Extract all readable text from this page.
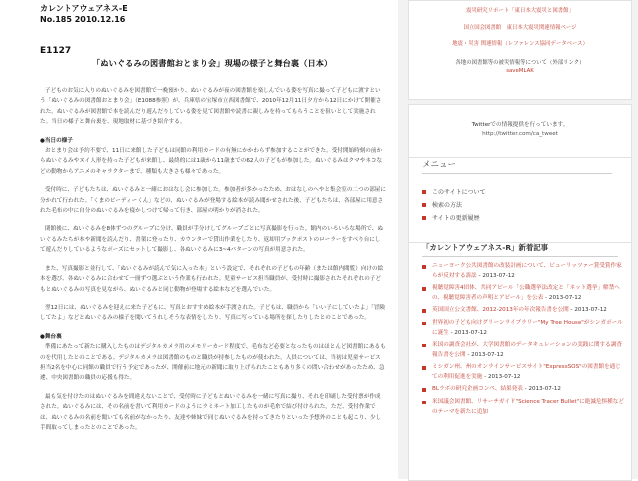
カレントアウェアネス-E
No.185 2010.12.16
E1127
「ぬいぐるみの図書館おとまり会」現場の様子と舞台裏（日本）

子どものお気に入りのぬいぐるみを図書館で一晩預かり、ぬいぐるみが夜の図書館を楽しんでいる姿を写真に撮って子どもに渡すという「ぬいぐるみの図書館おとまり会」（E1088参照）が、兵庫県の宝塚市立西図書館で、2010年12月11日夕方から12日にかけて開催された。ぬいぐるみが図書館で本を読んだり遊んだりしている姿を見て図書館や読書に親しみを持ってもらうことを狙いとして実施された。当日の様子と舞台裏を、現地取材に基づき紹介する。

●当日の様子

おとまり会は予約不要で、11日に来館した子どもは同館の利用カードの有無にかかわらず参加することができた。受付開始時刻の前からぬいぐるみやヌイ人形を持った子どもが来館し、最終的には1歳から11歳までの62人の子どもが参加した。ぬいぐるみはクマやネコなどの動物からアニメのキャラクターまで、種類も大きさも様々であった。

受付時に、子どもたちは、ぬいぐるみと一緒におはなし会に参加した。参加者が多かったため、おはなしのへやと集会室の二つの部屋に分かれて行われた。「くまのビーディーくん」などの、ぬいぐるみが登場する絵本が読み聞かせされた後、子どもたちは、各部屋に用意された毛布の中に自分のぬいぐるみを寝かしつけて帰って行き、部屋の明かりが消された。

閉館後に、ぬいぐるみを8体ずつのグループに分け、職員が手分けしてグループごとに写真撮影を行った。館内のいろいろな場所で、ぬいぐるみたちが本や新聞を読んだり、書架に登ったり、カウンターで貸出作業をしたり、返却用ブックポストのローラーをすべり台にして遊んだりしているようなポーズにセットして撮影し、各ぬいぐるみに3~4パターンの写真が用意された。

また、写真撮影と並行して、「ぬいぐるみが読んで気に入った本」という設定で、それぞれの子どもの年齢（または館内閲覧）向けの絵本を選び、各ぬいぐるみに合わせて一冊ずつ選ぶという作業も行われた。児童サービス担当職員が、受付時に撮影されたそれぞれの子どもとぬいぐるみの写真を見ながら、ぬいぐるみと同じ動物が登場する絵本などを選んでいた。

翌12日には、ぬいぐるみを迎えに来た子どもに、写真とおすすめ絵本が手渡された。子どもは、職員から「いい子にしていたよ」「冒険してたよ」などとぬいぐるみの様子を聞いてうれしそうな表情をしたり、写真に写っている場所を探したりしたとのことであった。

●舞台裏

準備にあたって新たに購入したものはデジタルカメラ用のメモリーカード程度で、毛布など必要となったものはほとんど図書館にあるものを代用したとのことである。デジタルカメラは図書館のものと職員が持参したものが使われた。人員については、当初は児童サービス担当2名を中心に同館の職員で行う予定であったが、開催前に地元の新聞に取り上げられたこともあり多くの問い合わせがあったため、急遽、中央図書館の職員の応援も得た。

最も気を付けたのはぬいぐるみを間違えないことで、受付時に子どもとぬいぐるみを一緒に写真に撮り、それを印刷した受付票が作成された。ぬいぐるみには、その名前を書いて利用カードのようにラミネート加工したものが毛糸で結び付けられた。ただ、受付作業では、ぬいぐるみの名前を聞いても名前がなかったり、友達や姉妹で同じぬいぐるみを持ってきたりといった予想外のことも起こり、少し手間取ってしまったとのことであった。

震災研究リポート「東日本大震災と図書館」
国立国会図書館　東日本大震災関連情報ページ
地震・災害 関連情報（レファレンス協同データベース）
各地の図書館等の被災情報等について（外部リンク）
saveMLAK
Twitterでの情報提供を行っています。
http://twitter.com/ca_tweet
メニュー
このサイトについて
検索の方法
サイトの更新履歴
「カレントアウェアネス-R」新着記事
ニューヨーク公共図書館の改装計画について、ビューリッツァー賞受賞作家らが反対する訴訟 - 2013-07-12
視聴覚障害4団体、共同アピール「公職選挙法改定と「ネット選挙」解禁への、視聴覚障害者の声明とアピール」を公表 - 2013-07-12
英国国立公文書館、2012-2013年の年次報告書を公開 - 2013-07-12
世界初の子ども向けグリーンライブラリー"My Tree House"がシンガポールに誕生 - 2013-07-12
米国の調査会社が、大学図書館のデータキュレーションの実践に関する調査報告書を公開 - 2013-07-12
ミシガン州、州のオンラインサービスサイト"ExpressSOS"の図書館を通じての利用促進を実施 - 2013-07-12
BLラボの研究企画コンペ、結果発表 - 2013-07-12
米国議会図書館、リサーチガイド"Science Tracer Bullet"に絶滅危惧種などのテーマを新たに追加
